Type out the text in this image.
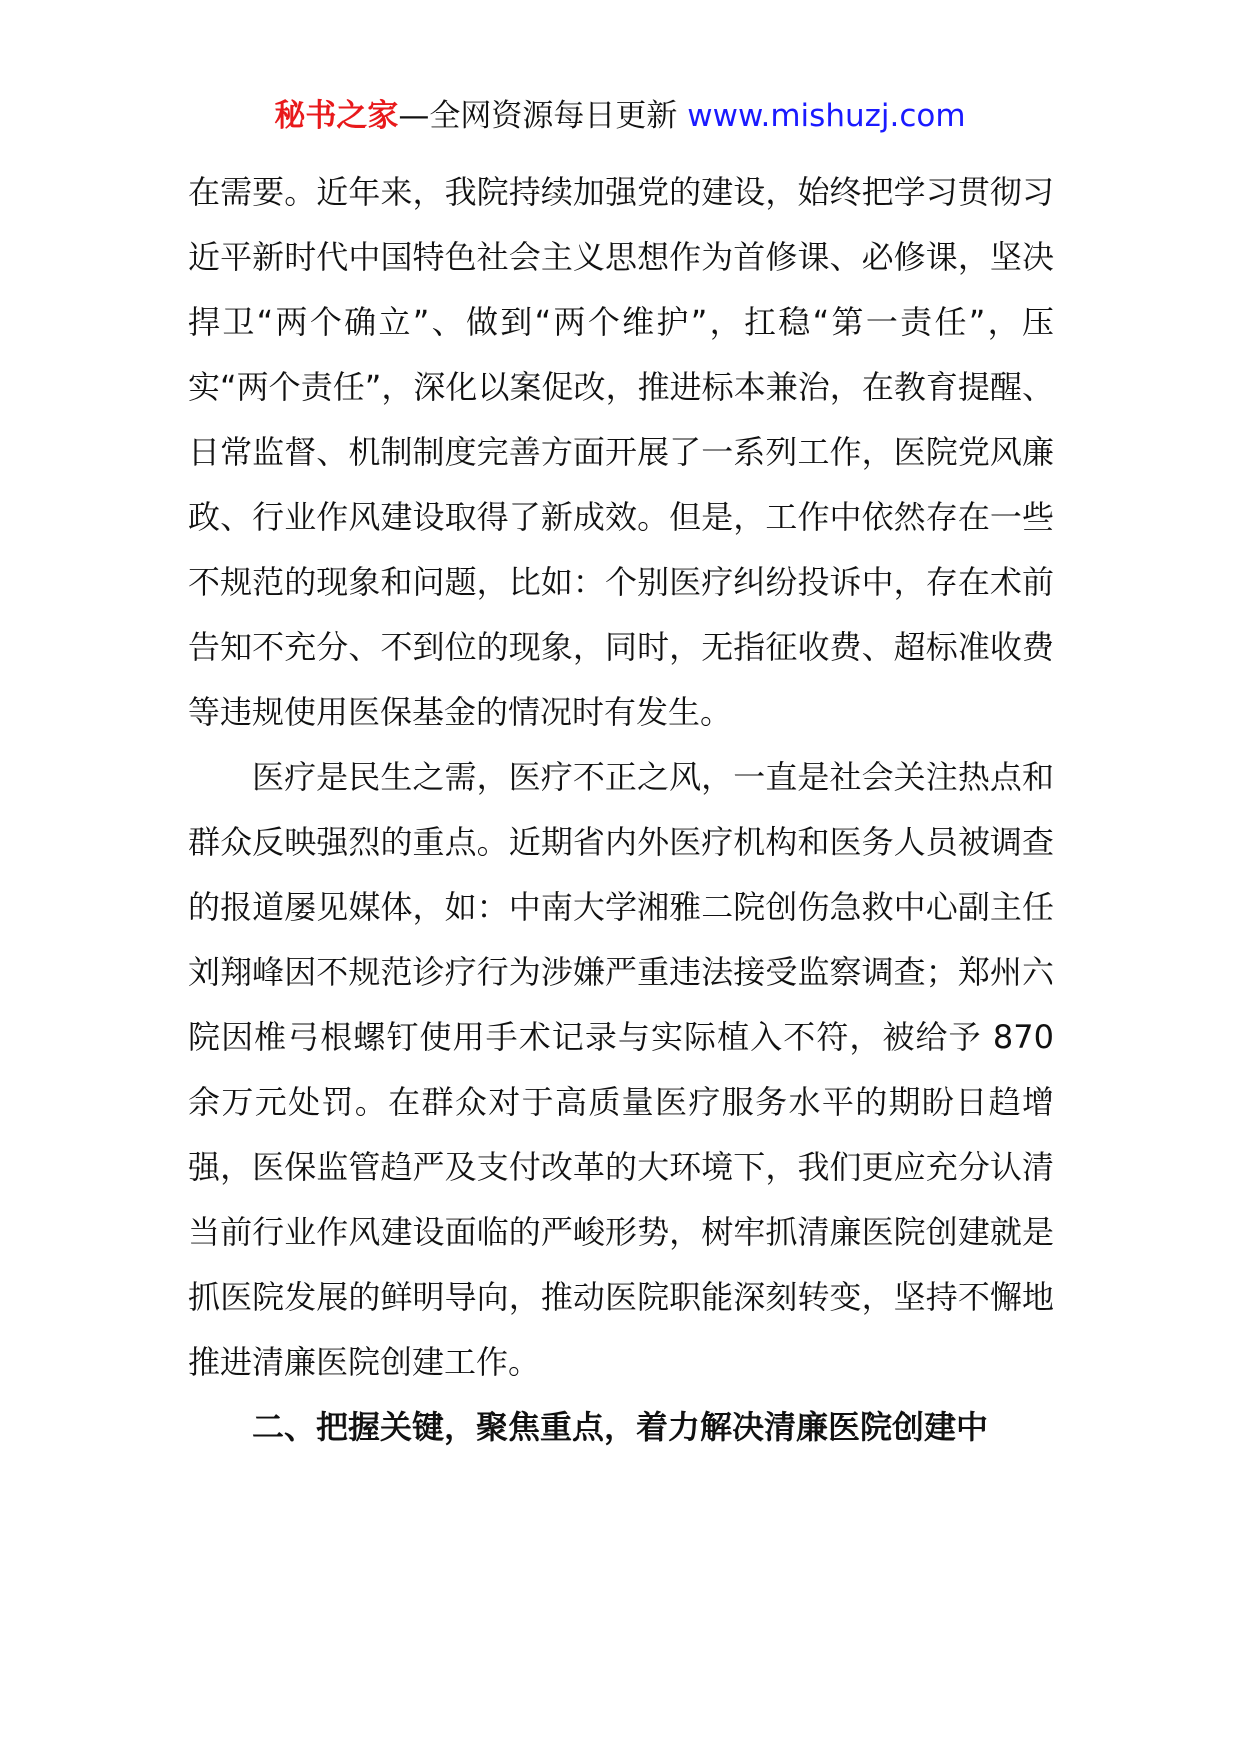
秘书之家—全网资源每日更新 www.mishuzj.com

在需要。近年来，我院持续加强党的建设，始终把学习贯彻习近平新时代中国特色社会主义思想作为首修课、必修课，坚决捍卫“两个确立”、做到“两个维护”，扛稳“第一责任”，压实“两个责任”，深化以案促改，推进标本兼治，在教育提醒、日常监督、机制制度完善方面开展了一系列工作，医院党风廉政、行业作风建设取得了新成效。但是，工作中依然存在一些不规范的现象和问题，比如：个别医疗纠纷投诉中，存在术前告知不充分、不到位的现象，同时，无指征收费、超标准收费等违规使用医保基金的情况时有发生。

医疗是民生之需，医疗不正之风，一直是社会关注热点和群众反映强烈的重点。近期省内外医疗机构和医务人员被调查的报道屡见媒体，如：中南大学湘雅二院创伤急救中心副主任刘翔峰因不规范诊疗行为涉嫌严重违法接受监察调查；郑州六院因椎弓根螺钉使用手术记录与实际植入不符，被给予 870 余万元处罚。在群众对于高质量医疗服务水平的期盼日趋增强，医保监管趋严及支付改革的大环境下，我们更应充分认清当前行业作风建设面临的严峻形势，树牢抓清廉医院创建就是抓医院发展的鲜明导向，推动医院职能深刻转变，坚持不懈地推进清廉医院创建工作。

二、把握关键，聚焦重点，着力解决清廉医院创建中
